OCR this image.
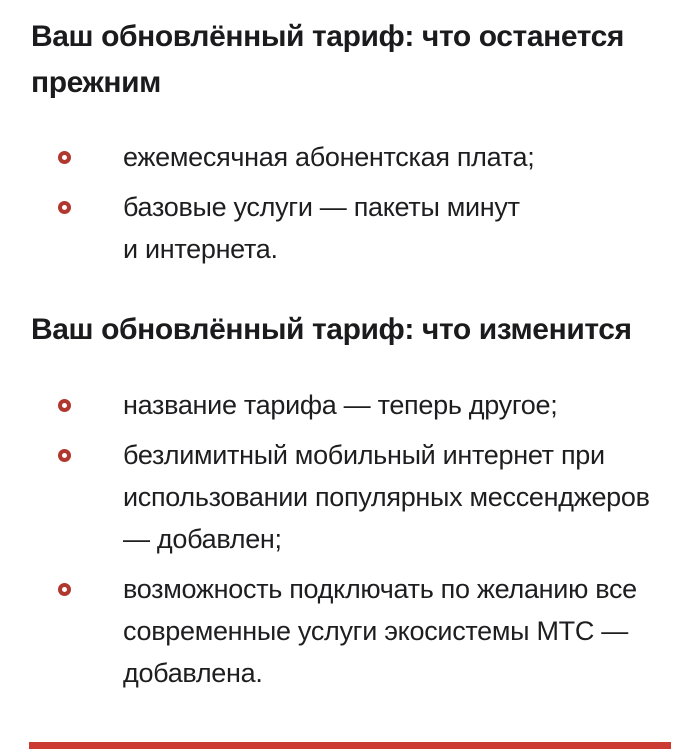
Ваш обновлённый тариф: что останется прежним
ежемесячная абонентская плата;
базовые услуги — пакеты минут и интернета.
Ваш обновлённый тариф: что изменится
название тарифа — теперь другое;
безлимитный мобильный интернет при использовании популярных мессенджеров — добавлен;
возможность подключать по желанию все современные услуги экосистемы МТС — добавлена.
